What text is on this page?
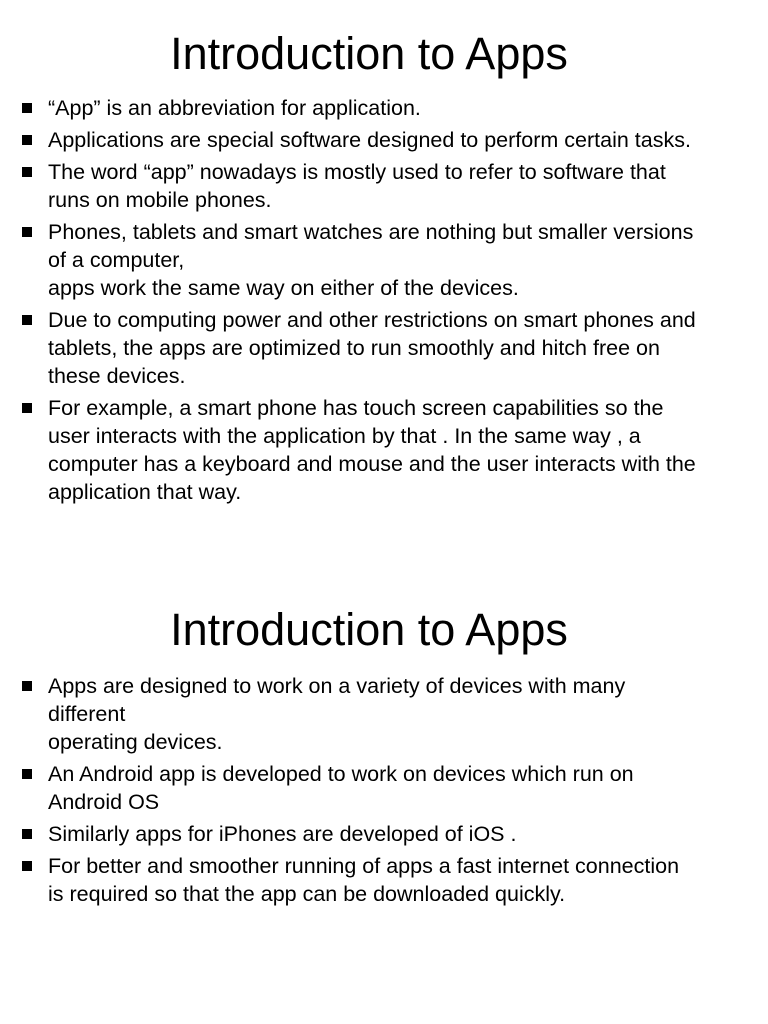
Introduction to Apps
“App” is an abbreviation for application.
Applications are special software designed to perform certain tasks.
The word “app” nowadays is mostly used to refer to software that
runs on mobile phones.
Phones, tablets and smart watches are nothing but smaller versions
of a computer,
apps work the same way on either of the devices.
Due to computing power and other restrictions on smart phones and
tablets, the apps are optimized to run smoothly and hitch free on
these devices.
For example, a smart phone has touch screen capabilities so the
user interacts with the application by that . In the same way , a
computer has a keyboard and mouse and the user interacts with the
application that way.
Introduction to Apps
Apps are designed to work on a variety of devices with many
different
operating devices.
An Android app is developed to work on devices which run on
Android OS
Similarly apps for iPhones are developed of iOS .
For better and smoother running of apps a fast internet connection
is required so that the app can be downloaded quickly.
